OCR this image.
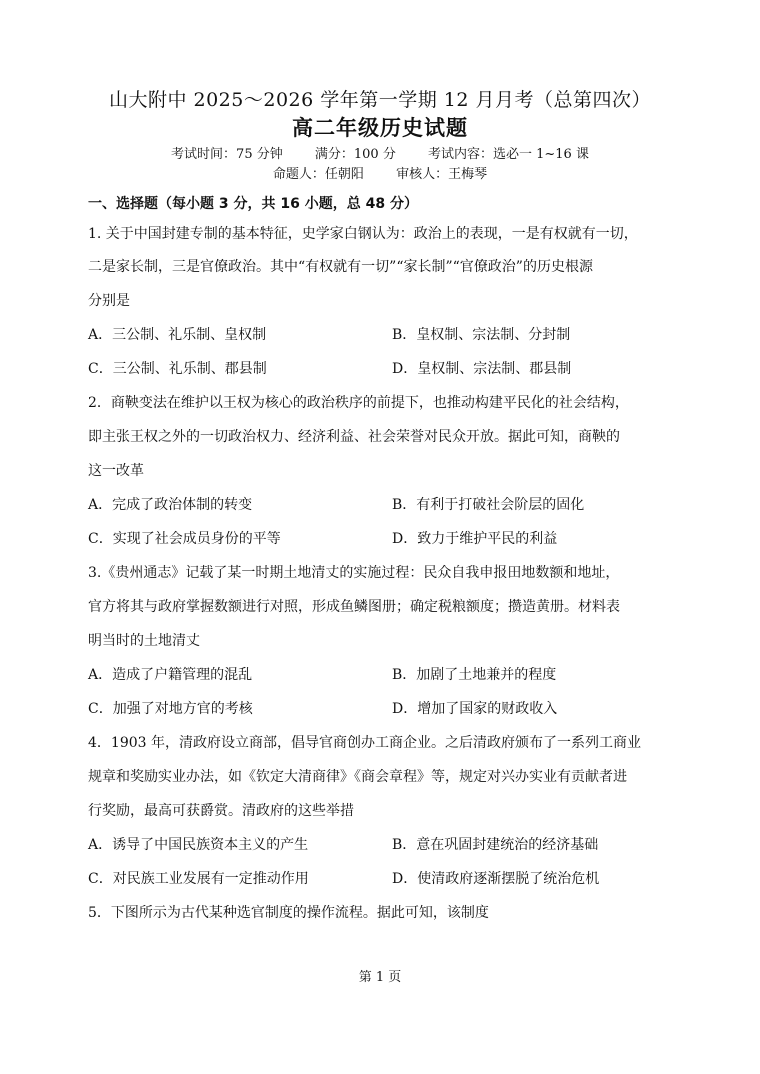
山大附中 2025～2026 学年第一学期 12 月月考（总第四次）
高二年级历史试题
考试时间：75 分钟 满分：100 分 考试内容：选必一 1~16 课
命题人：任朝阳 审核人：王梅琴
一、选择题（每小题 3 分，共 16 小题，总 48 分）
1. 关于中国封建专制的基本特征，史学家白钢认为：政治上的表现，一是有权就有一切，
二是家长制，三是官僚政治。其中“有权就有一切”“家长制”“官僚政治”的历史根源
分别是
A．三公制、礼乐制、皇权制	B．皇权制、宗法制、分封制
C．三公制、礼乐制、郡县制	D．皇权制、宗法制、郡县制
2．商鞅变法在维护以王权为核心的政治秩序的前提下，也推动构建平民化的社会结构，
即主张王权之外的一切政治权力、经济利益、社会荣誉对民众开放。据此可知，商鞅的
这一改革
A．完成了政治体制的转变	B．有利于打破社会阶层的固化
C．实现了社会成员身份的平等	D．致力于维护平民的利益
3.《贵州通志》记载了某一时期土地清丈的实施过程：民众自我申报田地数额和地址，
官方将其与政府掌握数额进行对照，形成鱼鳞图册；确定税粮额度；攒造黄册。材料表
明当时的土地清丈
A．造成了户籍管理的混乱	B．加剧了土地兼并的程度
C．加强了对地方官的考核	D．增加了国家的财政收入
4．1903 年，清政府设立商部，倡导官商创办工商企业。之后清政府颁布了一系列工商业
规章和奖励实业办法，如《钦定大清商律》《商会章程》等，规定对兴办实业有贡献者进
行奖励，最高可获爵赏。清政府的这些举措
A．诱导了中国民族资本主义的产生	B．意在巩固封建统治的经济基础
C．对民族工业发展有一定推动作用	D．使清政府逐渐摆脱了统治危机
5．下图所示为古代某种选官制度的操作流程。据此可知，该制度
第 1 页
